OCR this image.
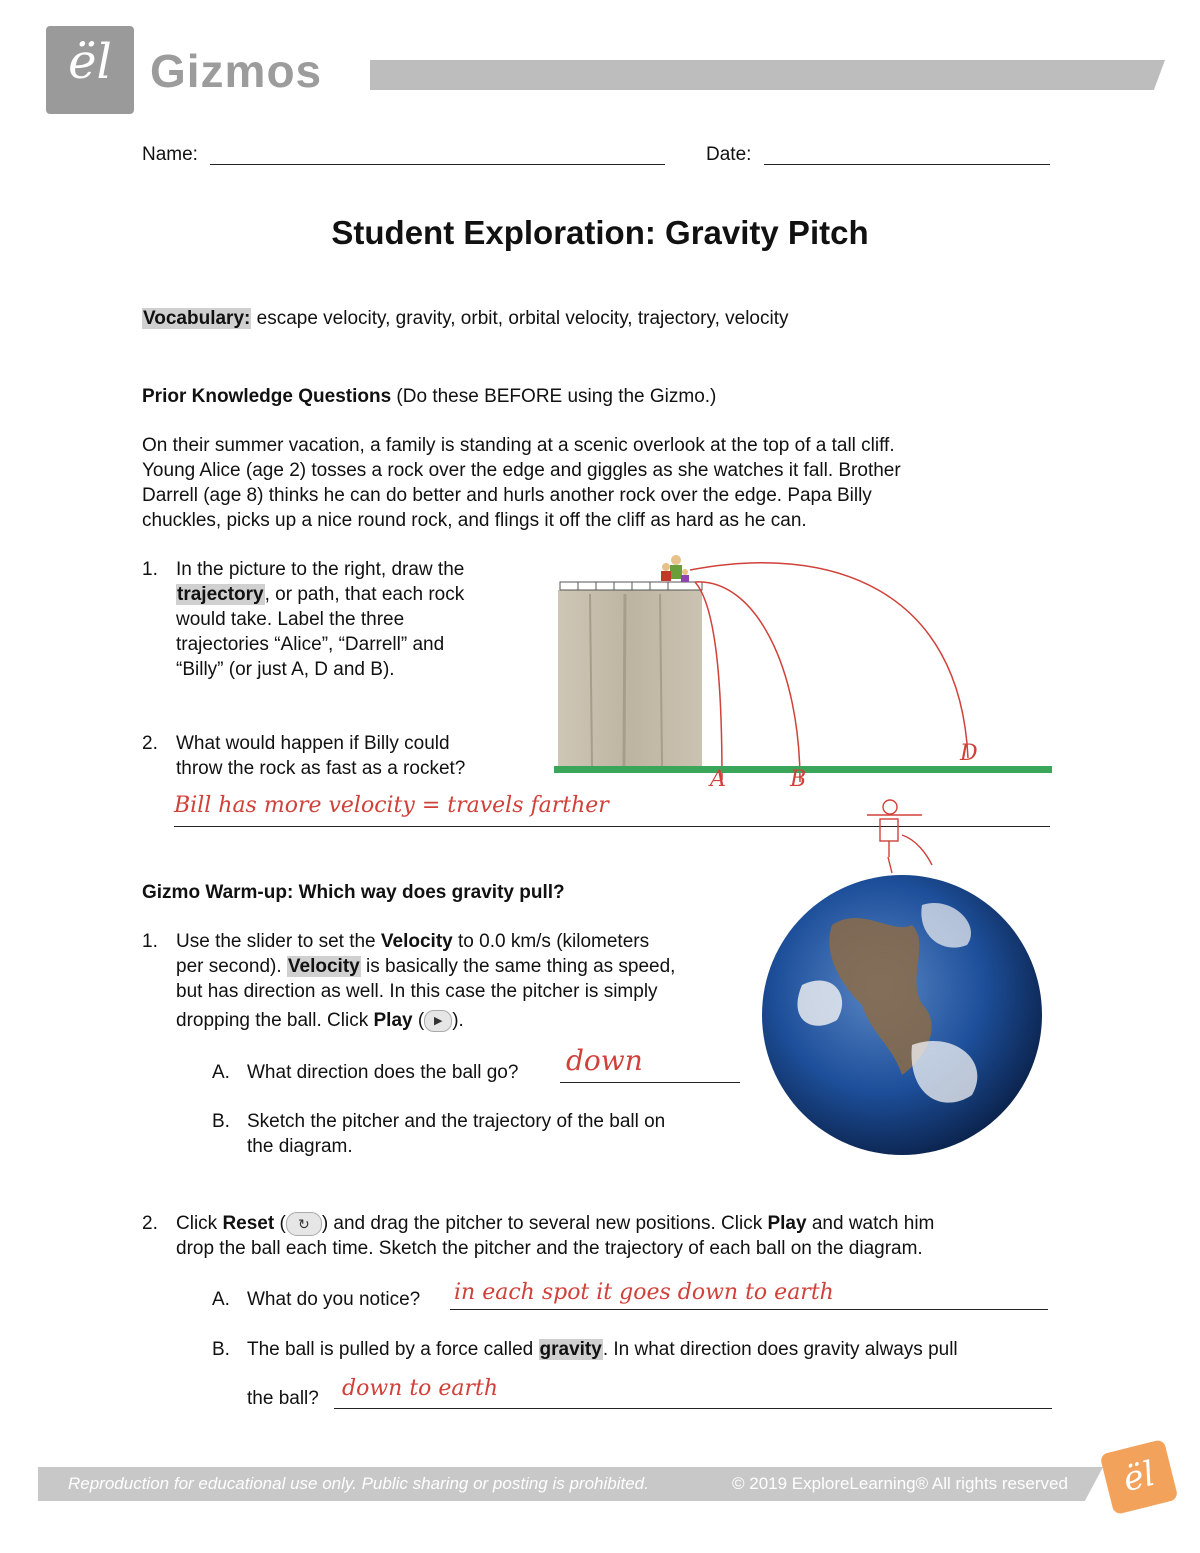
ël Gizmos
Name:	Date:
Student Exploration: Gravity Pitch
Vocabulary: escape velocity, gravity, orbit, orbital velocity, trajectory, velocity
Prior Knowledge Questions (Do these BEFORE using the Gizmo.)
On their summer vacation, a family is standing at a scenic overlook at the top of a tall cliff.
Young Alice (age 2) tosses a rock over the edge and giggles as she watches it fall. Brother
Darrell (age 8) thinks he can do better and hurls another rock over the edge. Papa Billy
chuckles, picks up a nice round rock, and flings it off the cliff as hard as he can.
1. In the picture to the right, draw the
trajectory, or path, that each rock
would take. Label the three
trajectories “Alice”, “Darrell” and
“Billy” (or just A, D and B).
A	B
D
2. What would happen if Billy could
throw the rock as fast as a rocket?
Bill has more velocity = travels farther
Gizmo Warm-up: Which way does gravity pull?
1. Use the slider to set the Velocity to 0.0 km/s (kilometers
per second). Velocity is basically the same thing as speed,
but has direction as well. In this case the pitcher is simply
dropping the ball. Click Play ( ▶ ).
A. What direction does the ball go? down
B. Sketch the pitcher and the trajectory of the ball on
the diagram.
2. Click Reset ( ↻ ) and drag the pitcher to several new positions. Click Play and watch him
drop the ball each time. Sketch the pitcher and the trajectory of each ball on the diagram.
A. What do you notice? in each spot it goes down to earth
B. The ball is pulled by a force called gravity. In what direction does gravity always pull
the ball?	down to earth
Reproduction for educational use only. Public sharing or posting is prohibited.	© 2019 ExploreLearning® All rights reserved	ël
